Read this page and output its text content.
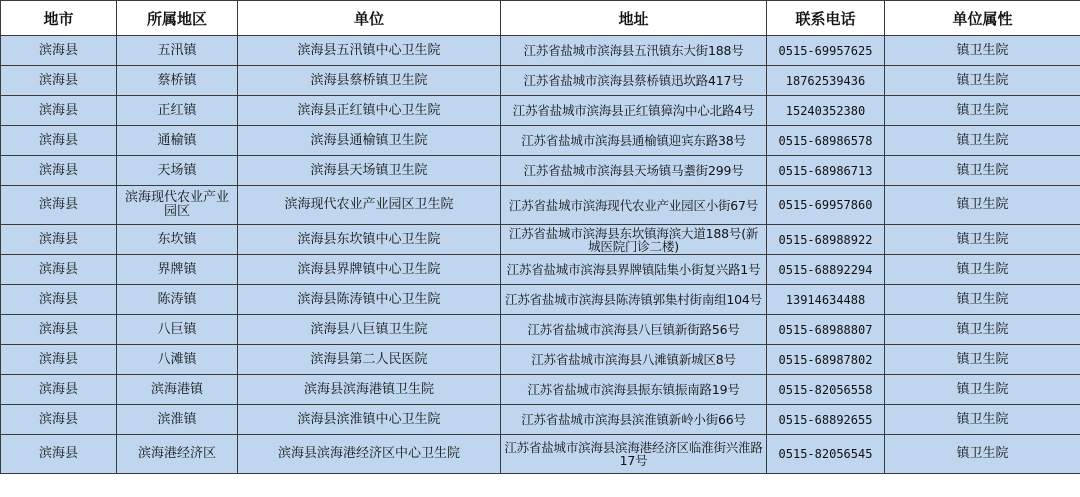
地市	所属地区	单位	地址	联系电话	单位属性
滨海县	五汛镇	滨海县五汛镇中心卫生院	江苏省盐城市滨海县五汛镇东大街188号	0515-69957625	镇卫生院
滨海县	蔡桥镇	滨海县蔡桥镇卫生院	江苏省盐城市滨海县蔡桥镇迅坎路417号	18762539436	镇卫生院
滨海县	正红镇	滨海县正红镇中心卫生院	江苏省盐城市滨海县正红镇獐沟中心北路4号	15240352380	镇卫生院
滨海县	通榆镇	滨海县通榆镇卫生院	江苏省盐城市滨海县通榆镇迎宾东路38号	0515-68986578	镇卫生院
滨海县	天场镇	滨海县天场镇卫生院	江苏省盐城市滨海县天场镇马耋街299号	0515-68986713	镇卫生院
滨海县	滨海现代农业产业园区	滨海现代农业产业园区卫生院	江苏省盐城市滨海现代农业产业园区小街67号	0515-69957860	镇卫生院
滨海县	东坎镇	滨海县东坎镇中心卫生院	江苏省盐城市滨海县东坎镇海滨大道188号(新城医院门诊二楼)	0515-68988922	镇卫生院
滨海县	界牌镇	滨海县界牌镇中心卫生院	江苏省盐城市滨海县界牌镇陆集小街复兴路1号	0515-68892294	镇卫生院
滨海县	陈涛镇	滨海县陈涛镇中心卫生院	江苏省盐城市滨海县陈涛镇郭集村街南组104号	13914634488	镇卫生院
滨海县	八巨镇	滨海县八巨镇卫生院	江苏省盐城市滨海县八巨镇新街路56号	0515-68988807	镇卫生院
滨海县	八滩镇	滨海县第二人民医院	江苏省盐城市滨海县八滩镇新城区8号	0515-68987802	镇卫生院
滨海县	滨海港镇	滨海县滨海港镇卫生院	江苏省盐城市滨海县振东镇振南路19号	0515-82056558	镇卫生院
滨海县	滨淮镇	滨海县滨淮镇中心卫生院	江苏省盐城市滨海县滨淮镇新岭小街66号	0515-68892655	镇卫生院
滨海县	滨海港经济区	滨海县滨海港经济区中心卫生院	江苏省盐城市滨海县滨海港经济区临淮街兴淮路17号	0515-82056545	镇卫生院
